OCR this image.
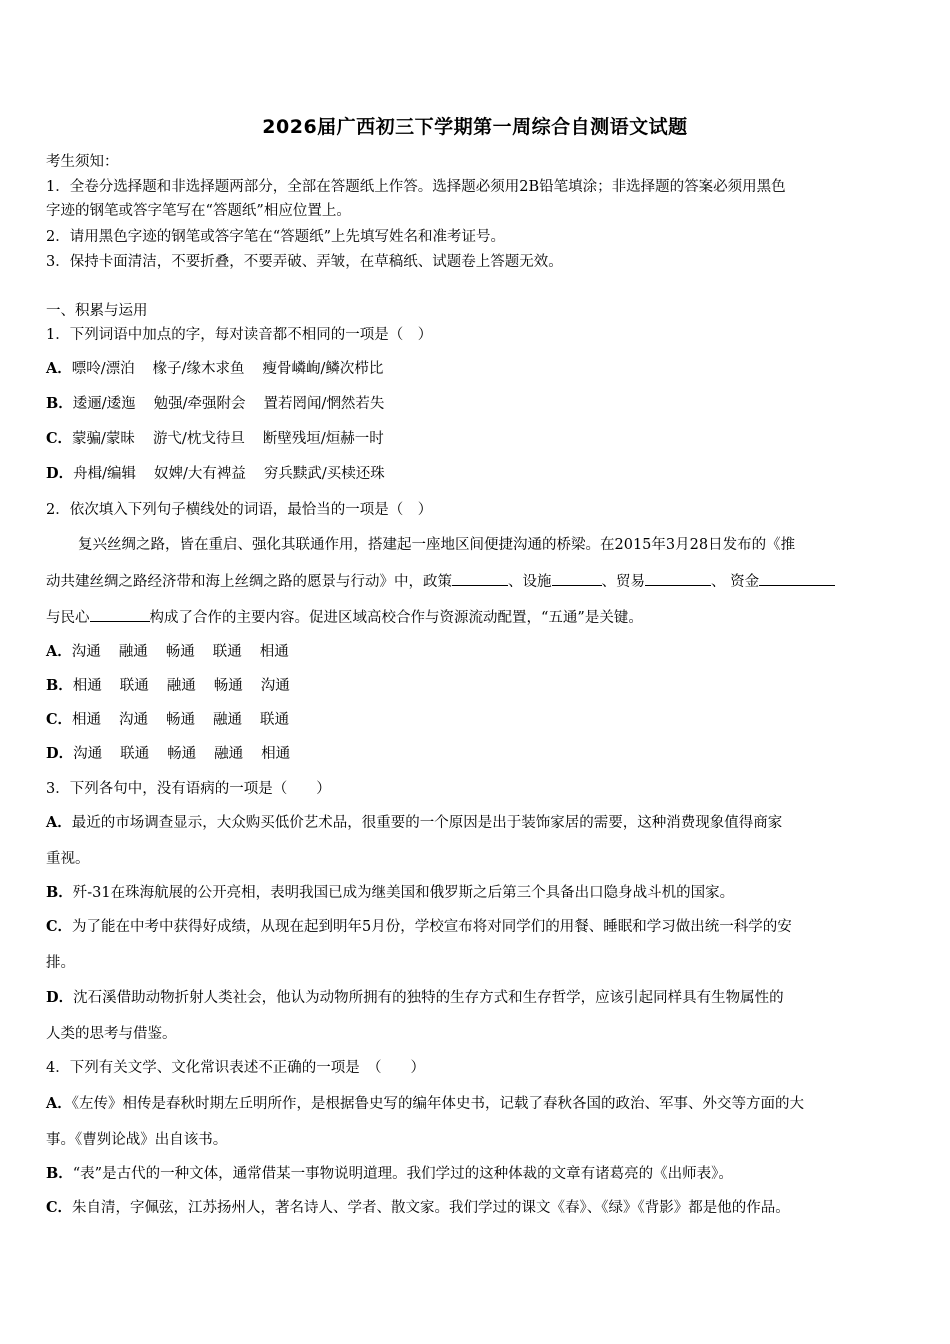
2026届广西初三下学期第一周综合自测语文试题
考生须知：
1．全卷分选择题和非选择题两部分，全部在答题纸上作答。选择题必须用2B铅笔填涂；非选择题的答案必须用黑色
字迹的钢笔或答字笔写在“答题纸”相应位置上。
2．请用黑色字迹的钢笔或答字笔在“答题纸”上先填写姓名和准考证号。
3．保持卡面清洁，不要折叠，不要弄破、弄皱，在草稿纸、试题卷上答题无效。
一、积累与运用
1．下列词语中加点的字，每对读音都不相同的一项是（　）
A．嘌呤/漂泊 椽子/缘木求鱼 瘦骨嶙峋/鳞次栉比
B．逶逦/逶迤 勉强/牵强附会 置若罔闻/惘然若失
C．蒙骗/蒙昧 游弋/枕戈待旦 断壁残垣/烜赫一时
D．舟楫/编辑 奴婢/大有裨益 穷兵黩武/买椟还珠
2．依次填入下列句子横线处的词语，最恰当的一项是（　）
复兴丝绸之路，皆在重启、强化其联通作用，搭建起一座地区间便捷沟通的桥梁。在2015年3月28日发布的《推
动共建丝绸之路经济带和海上丝绸之路的愿景与行动》中，政策	、设施	、贸易	、 资金
与民心	构成了合作的主要内容。促进区域高校合作与资源流动配置，“五通”是关键。
A．沟通 融通 畅通 联通 相通
B．相通 联通 融通 畅通 沟通
C．相通 沟通 畅通 融通 联通
D．沟通 联通 畅通 融通 相通
3．下列各句中，没有语病的一项是（　　）
A．最近的市场调查显示，大众购买低价艺术品，很重要的一个原因是出于装饰家居的需要，这种消费现象值得商家
重视。
B．歼-31在珠海航展的公开亮相，表明我国已成为继美国和俄罗斯之后第三个具备出口隐身战斗机的国家。
C．为了能在中考中获得好成绩，从现在起到明年5月份，学校宣布将对同学们的用餐、睡眠和学习做出统一科学的安
排。
D．沈石溪借助动物折射人类社会，他认为动物所拥有的独特的生存方式和生存哲学，应该引起同样具有生物属性的
人类的思考与借鉴。
4．下列有关文学、文化常识表述不正确的一项是　（　　）
A．《左传》相传是春秋时期左丘明所作，是根据鲁史写的编年体史书，记载了春秋各国的政治、军事、外交等方面的大
事。《曹刿论战》出自该书。
B．“表”是古代的一种文体，通常借某一事物说明道理。我们学过的这种体裁的文章有诸葛亮的《出师表》。
C．朱自清，字佩弦，江苏扬州人，著名诗人、学者、散文家。我们学过的课文《春》、《绿》《背影》都是他的作品。
